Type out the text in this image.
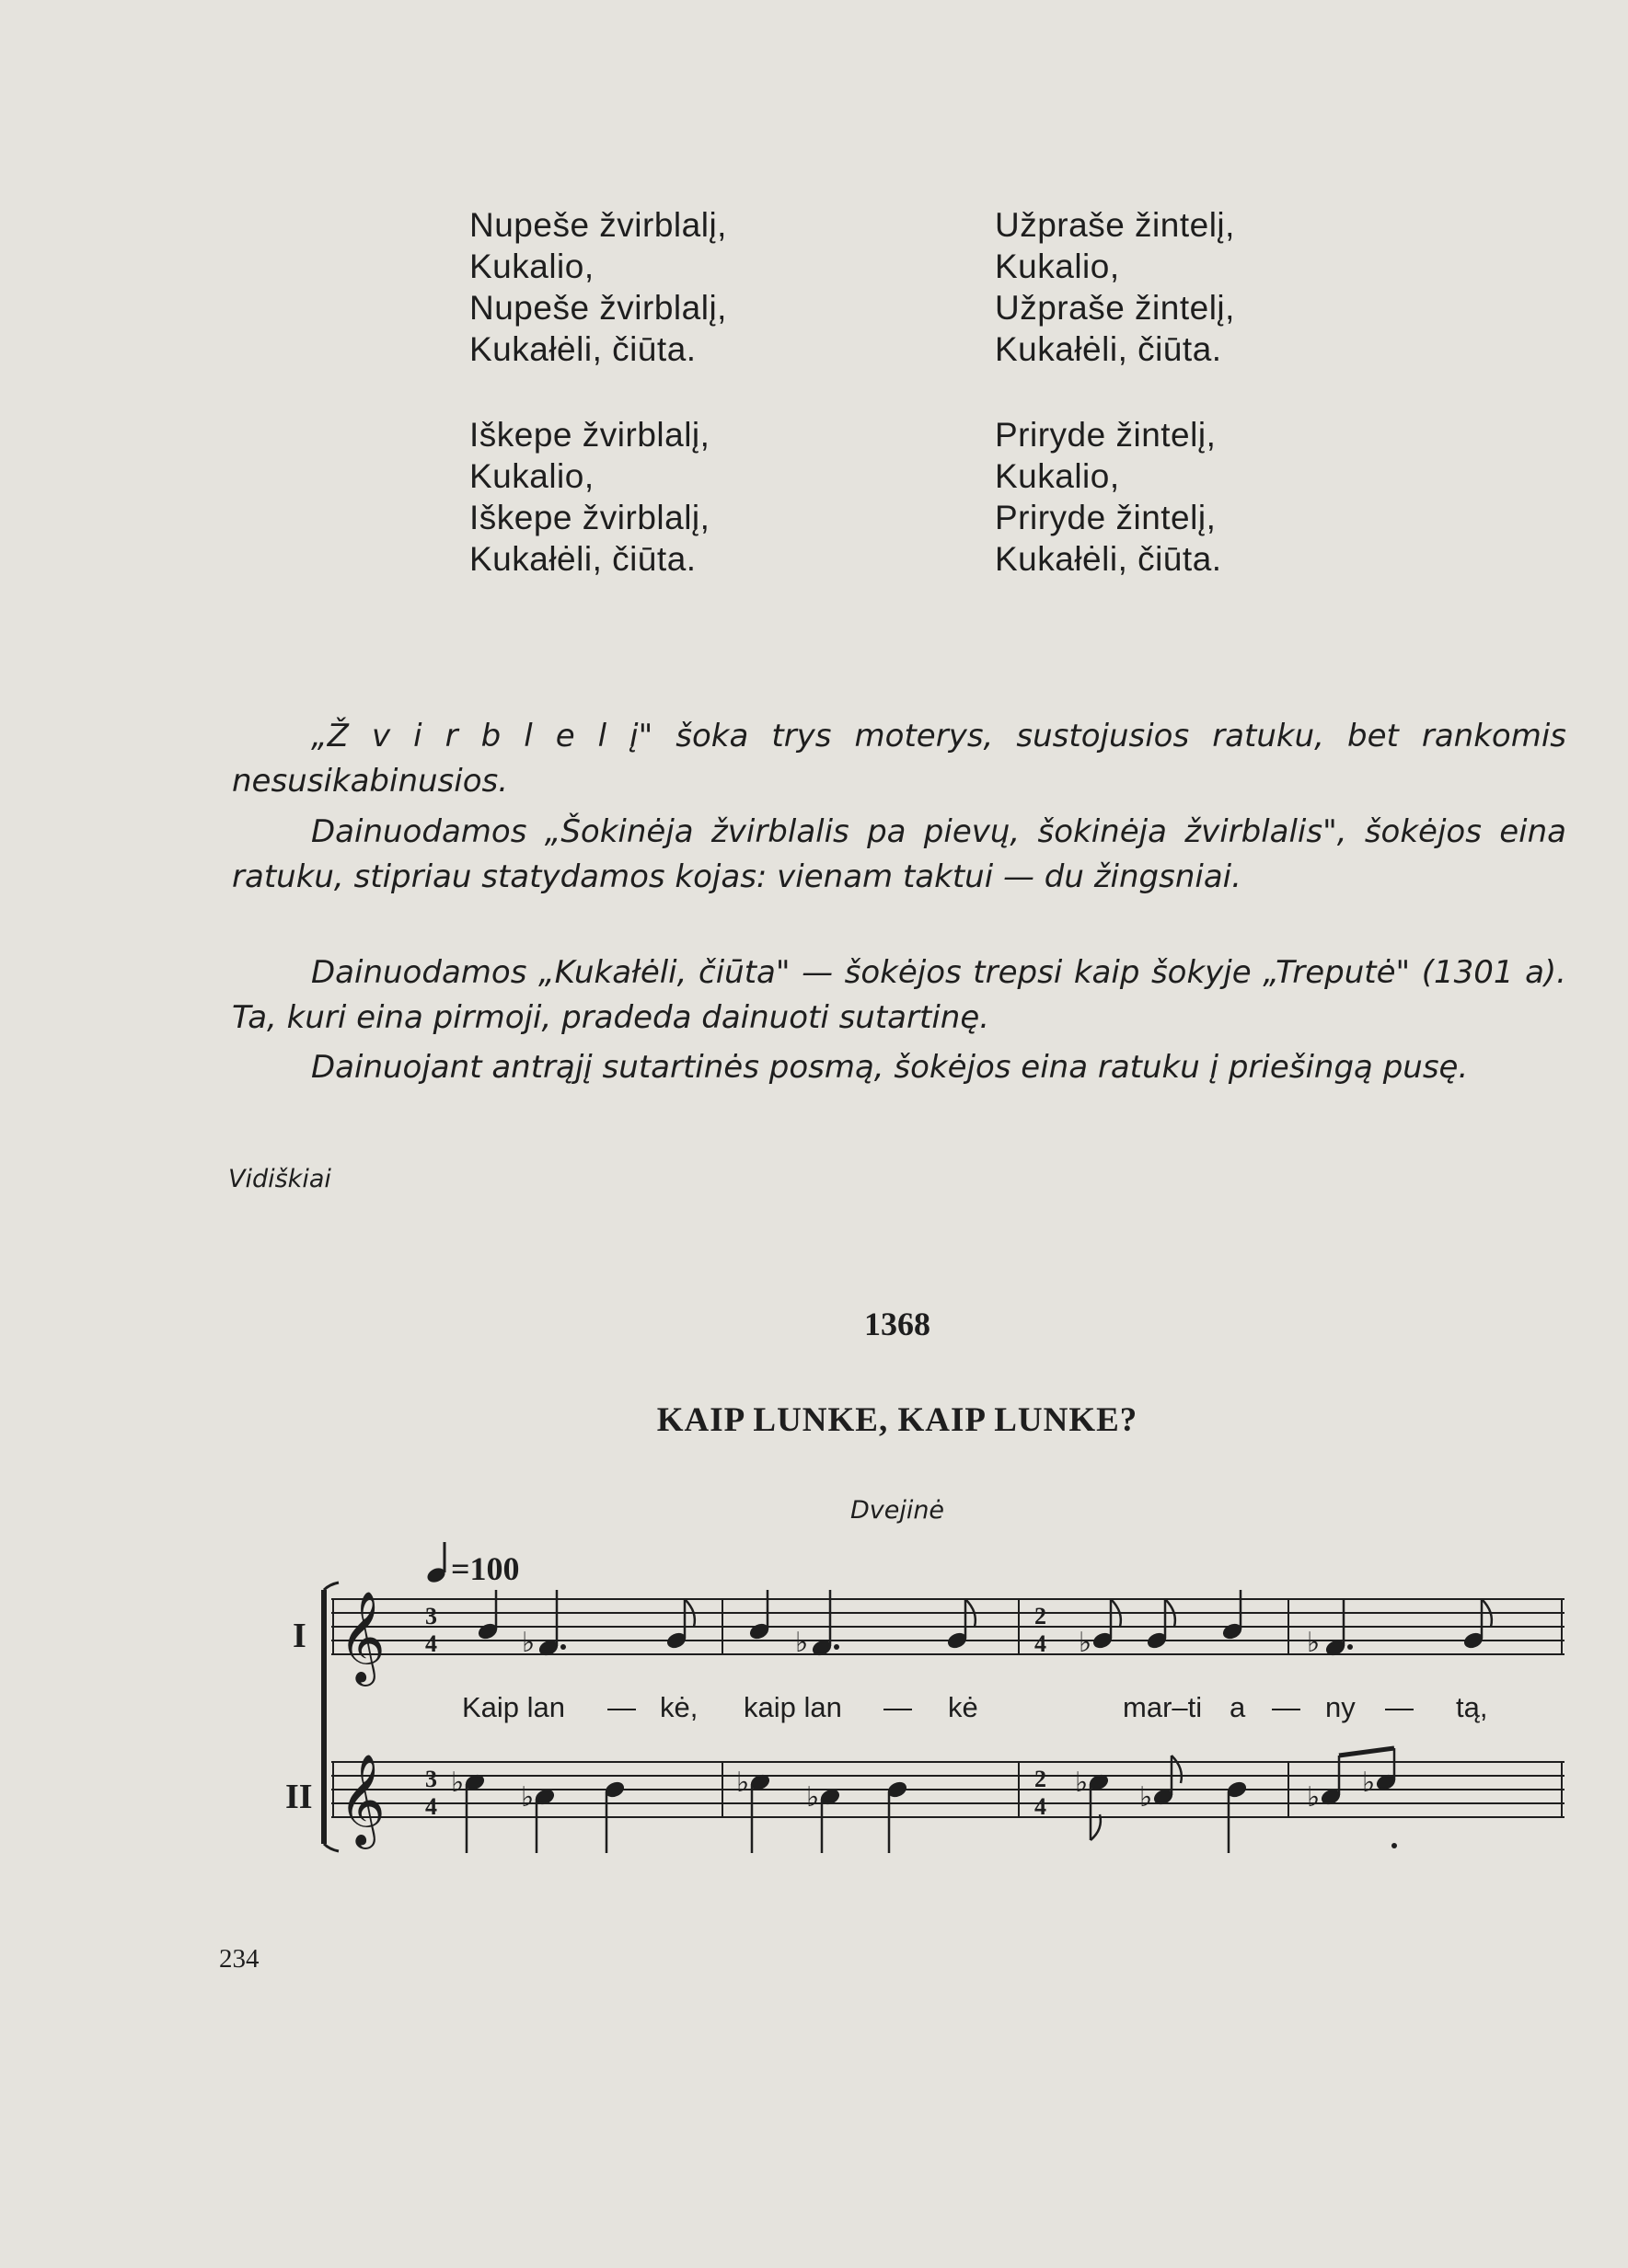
Nupeše žvirblalį,
Kukalio,
Nupeše žvirblalį,
Kukałėli, čiūta.
Iškepe žvirblalį,
Kukalio,
Iškepe žvirblalį,
Kukałėli, čiūta.
Užpraše žintelį,
Kukalio,
Užpraše žintelį,
Kukałėli, čiūta.
Priryde žintelį,
Kukalio,
Priryde žintelį,
Kukałėli, čiūta.

„Ž v i r b l e l į" šoka trys moterys, sustojusios ratuku, bet rankomis nesusikabinusios.

Dainuodamos „Šokinėja žvirblalis pa pievų, šokinėja žvirblalis", šokėjos eina ratuku, stipriau statydamos kojas: vienam taktui — du žingsniai.

Dainuodamos „Kukałėli, čiūta" — šokėjos trepsi kaip šokyje „Treputė" (1301 a). Ta, kuri eina pirmoji, pradeda dainuoti sutartinę.

Dainuojant antrąjį sutartinės posmą, šokėjos eina ratuku į priešingą pusę.

Vidiškiai
1368
KAIP LUNKE, KAIP LUNKE?
Dvejinė
=100
I
II
𝄞 3
4
2
4
♭	♭	♭	♭
Kaip lan — kė, kaip lan — kė	mar–ti a — ny — tą,
𝄞 3
4
2
4
♭ ♭	♭ ♭	♭ ♭	♭ ♭
234
